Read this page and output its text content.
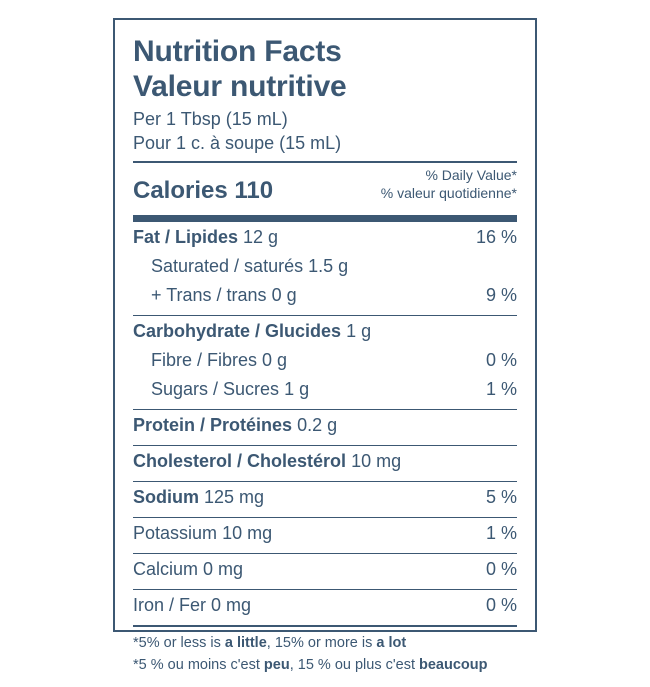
Nutrition Facts
Valeur nutritive
Per 1 Tbsp (15 mL)
Pour 1 c. à soupe (15 mL)
Calories 110
% Daily Value*
% valeur quotidienne*
Fat / Lipides 12 g	16 %
Saturated / saturés 1.5 g
+ Trans / trans 0 g	9 %
Carbohydrate / Glucides 1 g
Fibre / Fibres 0 g	0 %
Sugars / Sucres 1 g	1 %
Protein / Protéines 0.2 g
Cholesterol / Cholestérol 10 mg
Sodium 125 mg	5 %
Potassium 10 mg	1 %
Calcium 0 mg	0 %
Iron / Fer 0 mg	0 %
*5% or less is a little, 15% or more is a lot
*5 % ou moins c'est peu, 15 % ou plus c'est beaucoup
